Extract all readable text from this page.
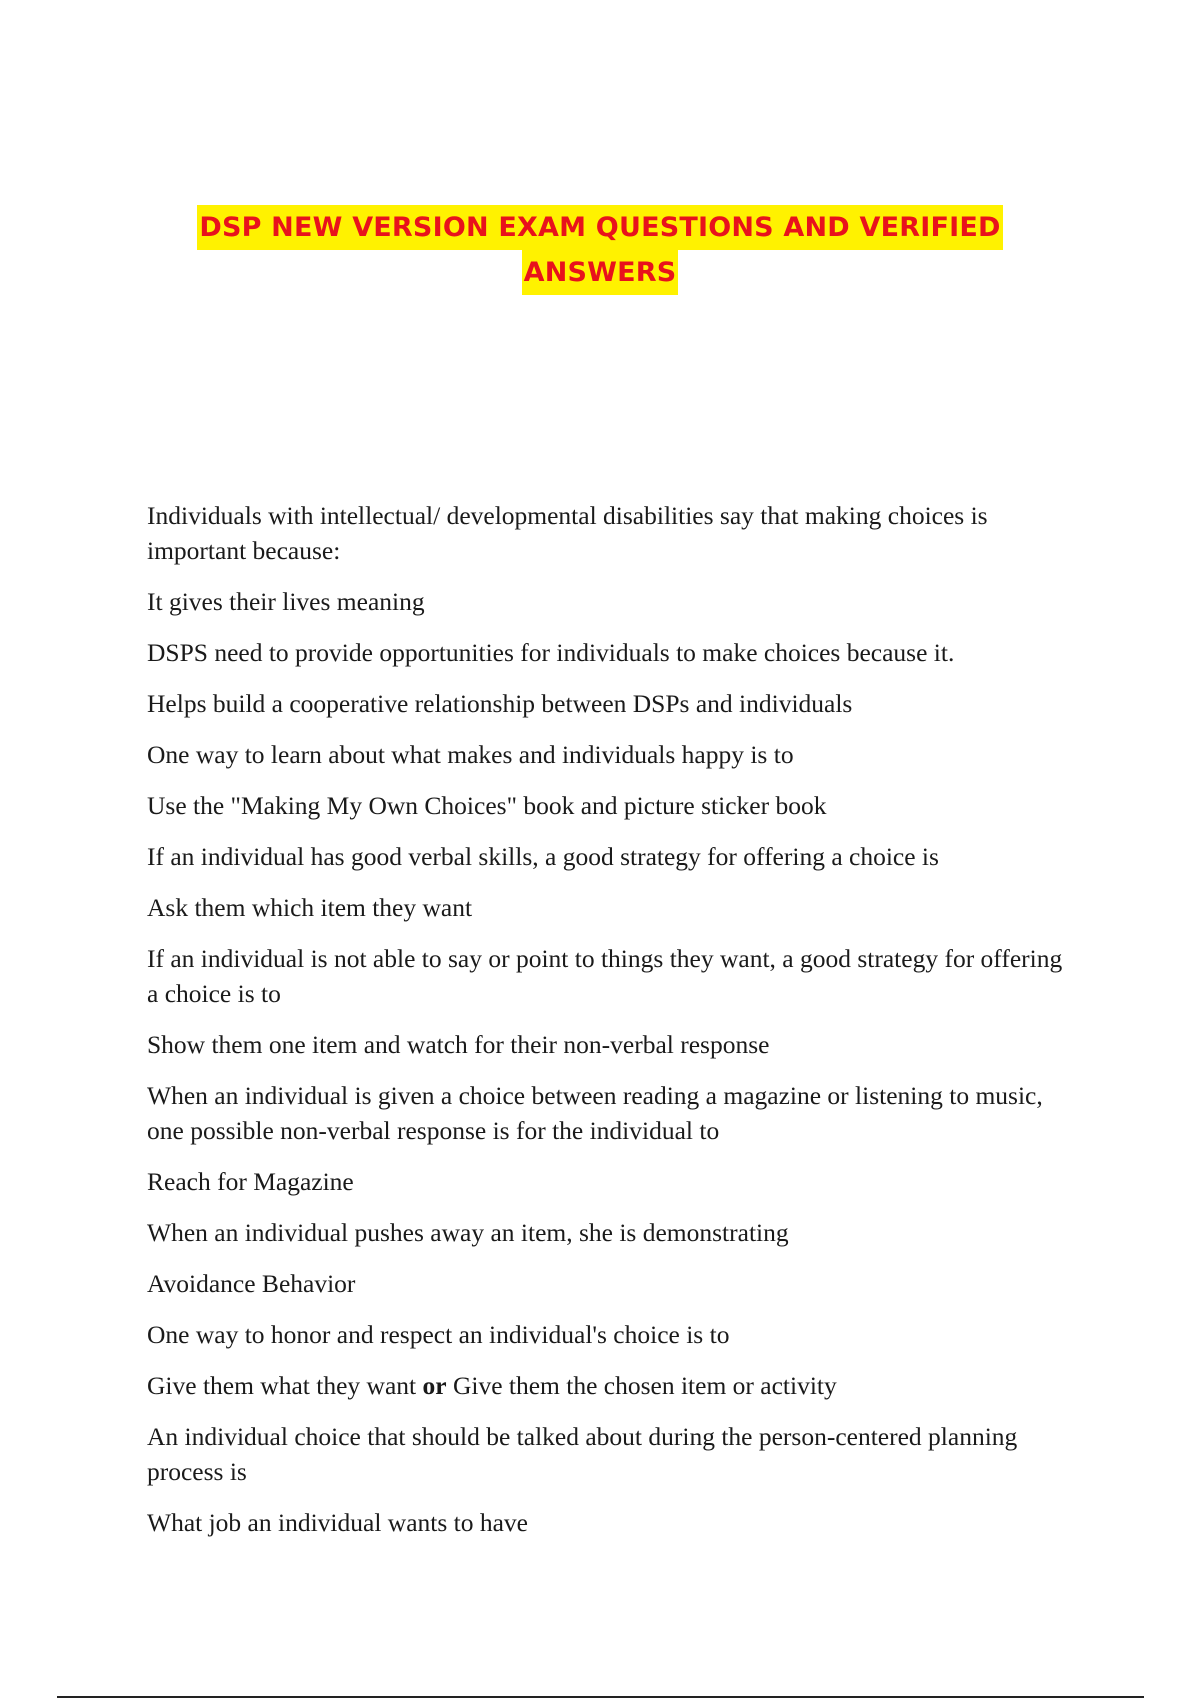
DSP NEW VERSION EXAM QUESTIONS AND VERIFIED
ANSWERS

Individuals with intellectual/ developmental disabilities say that making choices is important because:

It gives their lives meaning

DSPS need to provide opportunities for individuals to make choices because it.

Helps build a cooperative relationship between DSPs and individuals

One way to learn about what makes and individuals happy is to

Use the "Making My Own Choices" book and picture sticker book

If an individual has good verbal skills, a good strategy for offering a choice is

Ask them which item they want

If an individual is not able to say or point to things they want, a good strategy for offering a choice is to

Show them one item and watch for their non-verbal response

When an individual is given a choice between reading a magazine or listening to music, one possible non-verbal response is for the individual to

Reach for Magazine

When an individual pushes away an item, she is demonstrating

Avoidance Behavior

One way to honor and respect an individual's choice is to

Give them what they want or Give them the chosen item or activity

An individual choice that should be talked about during the person-centered planning process is

What job an individual wants to have
